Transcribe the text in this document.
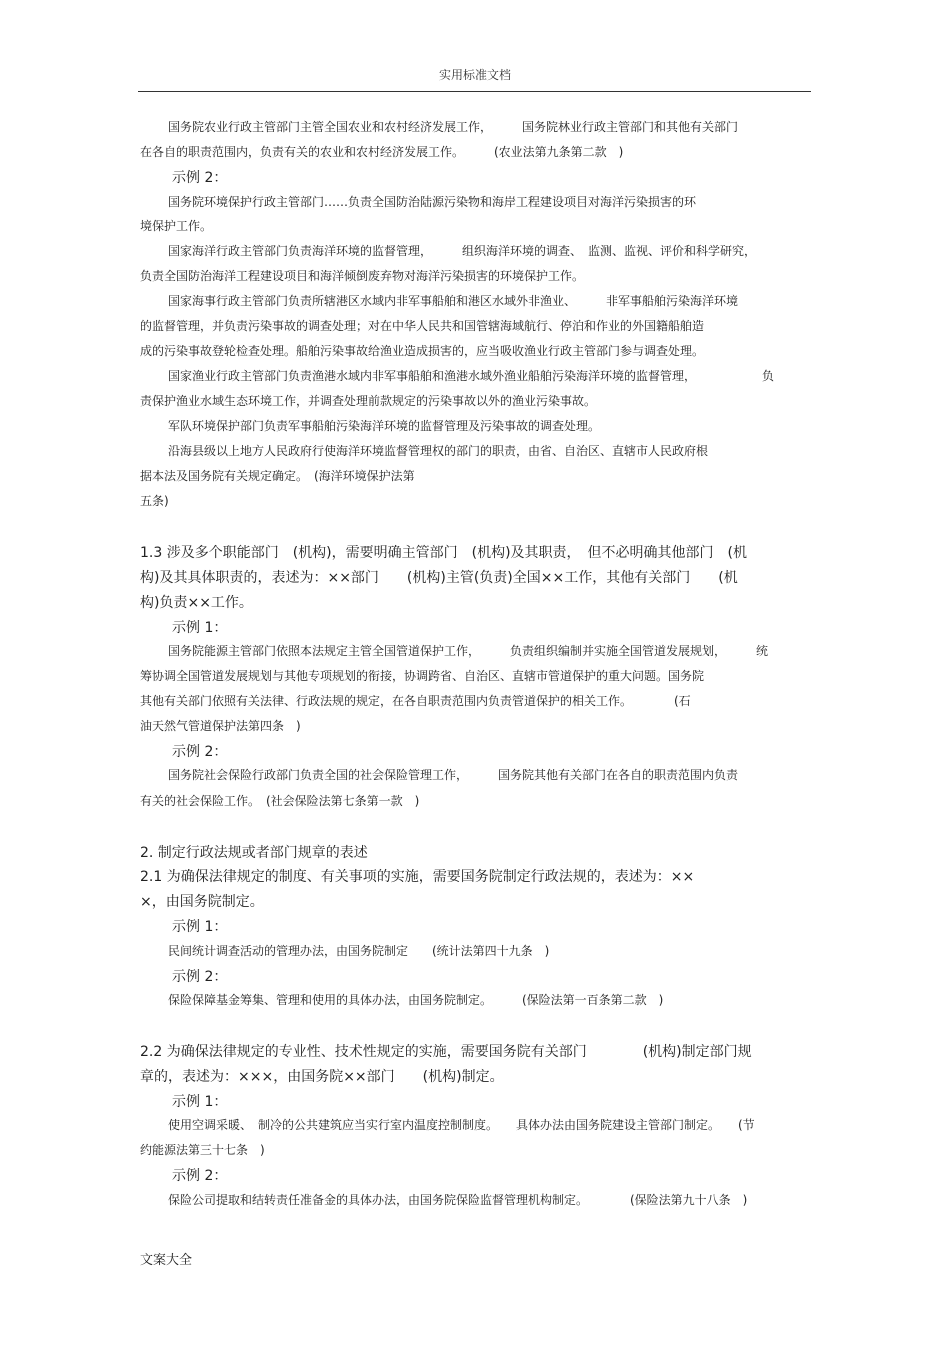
实用标准文档
国务院农业行政主管部门主管全国农业和农村经济发展工作，　　　国务院林业行政主管部门和其他有关部门
在各自的职责范围内，负责有关的农业和农村经济发展工作。　　　(农业法第九条第二款　)
示例 2：
国务院环境保护行政主管部门……负责全国防治陆源污染物和海岸工程建设项目对海洋污染损害的环
境保护工作。
国家海洋行政主管部门负责海洋环境的监督管理，　　　组织海洋环境的调查、　监测、监视、评价和科学研究，
负责全国防治海洋工程建设项目和海洋倾倒废弃物对海洋污染损害的环境保护工作。
国家海事行政主管部门负责所辖港区水域内非军事船舶和港区水域外非渔业、　　　非军事船舶污染海洋环境
的监督管理，并负责污染事故的调查处理；对在中华人民共和国管辖海域航行、停泊和作业的外国籍船舶造
成的污染事故登轮检查处理。船舶污染事故给渔业造成损害的，应当吸收渔业行政主管部门参与调查处理。
国家渔业行政主管部门负责渔港水域内非军事船舶和渔港水域外渔业船舶污染海洋环境的监督管理，　　　　　　负
责保护渔业水域生态环境工作，并调查处理前款规定的污染事故以外的渔业污染事故。
军队环境保护部门负责军事船舶污染海洋环境的监督管理及污染事故的调查处理。
沿海县级以上地方人民政府行使海洋环境监督管理权的部门的职责，由省、自治区、直辖市人民政府根
据本法及国务院有关规定确定。　(海洋环境保护法第
五条)
1.3 涉及多个职能部门　(机构)，需要明确主管部门　(机构)及其职责，　但不必明确其他部门　(机
构)及其具体职责的，表述为：××部门　　(机构)主管(负责)全国××工作，其他有关部门　　(机
构)负责××工作。
示例 1：
国务院能源主管部门依照本法规定主管全国管道保护工作，　　　负责组织编制并实施全国管道发展规划，　　　统
筹协调全国管道发展规划与其他专项规划的衔接，协调跨省、自治区、直辖市管道保护的重大问题。国务院
其他有关部门依照有关法律、行政法规的规定，在各自职责范围内负责管道保护的相关工作。　　　　(石
油天然气管道保护法第四条　)
示例 2：
国务院社会保险行政部门负责全国的社会保险管理工作，　　　国务院其他有关部门在各自的职责范围内负责
有关的社会保险工作。　(社会保险法第七条第一款　)
2. 制定行政法规或者部门规章的表述
2.1 为确保法律规定的制度、有关事项的实施，需要国务院制定行政法规的，表述为：××
×，由国务院制定。
示例 1：
民间统计调查活动的管理办法，由国务院制定　　(统计法第四十九条　)
示例 2：
保险保障基金筹集、管理和使用的具体办法，由国务院制定。　　　(保险法第一百条第二款　)
2.2 为确保法律规定的专业性、技术性规定的实施，需要国务院有关部门　　　　(机构)制定部门规
章的，表述为：×××，由国务院××部门　　(机构)制定。
示例 1：
使用空调采暖、　制冷的公共建筑应当实行室内温度控制制度。　　具体办法由国务院建设主管部门制定。　　(节
约能源法第三十七条　)
示例 2：
保险公司提取和结转责任准备金的具体办法，由国务院保险监督管理机构制定。　　　　(保险法第九十八条　)
文案大全
